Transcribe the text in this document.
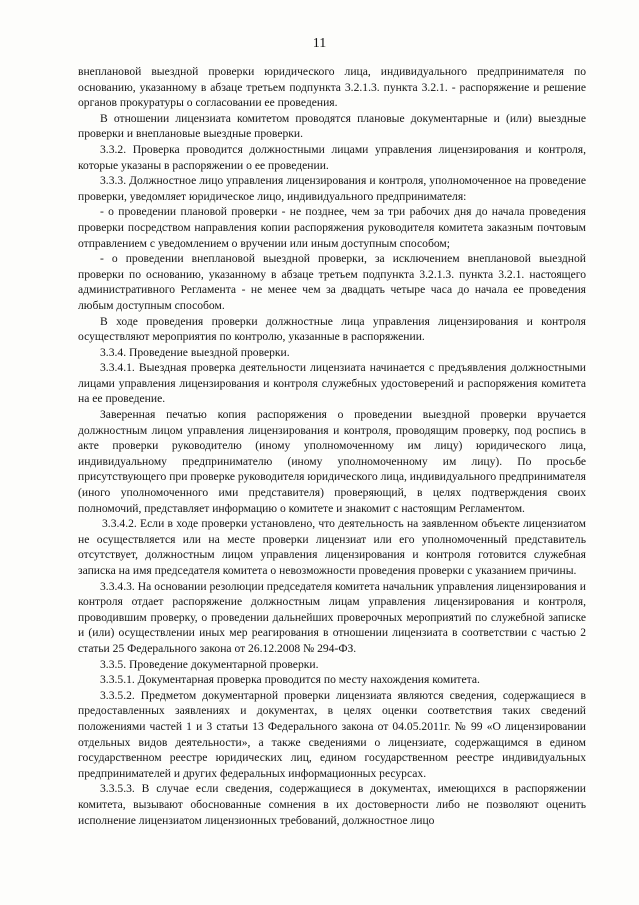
11

внеплановой выездной проверки юридического лица, индивидуального предпринимателя по основанию, указанному в абзаце третьем подпункта 3.2.1.3. пункта 3.2.1. - распоряжение и решение органов прокуратуры о согласовании ее проведения.

В отношении лицензиата комитетом проводятся плановые документарные и (или) выездные проверки и внеплановые выездные проверки.

3.3.2. Проверка проводится должностными лицами управления лицензирования и контроля, которые указаны в распоряжении о ее проведении.

3.3.3. Должностное лицо управления лицензирования и контроля, уполномоченное на проведение проверки, уведомляет юридическое лицо, индивидуального предпринимателя:

- о проведении плановой проверки - не позднее, чем за три рабочих дня до начала проведения проверки посредством направления копии распоряжения руководителя комитета заказным почтовым отправлением с уведомлением о вручении или иным доступным способом;

- о проведении внеплановой выездной проверки, за исключением внеплановой выездной проверки по основанию, указанному в абзаце третьем подпункта 3.2.1.3. пункта 3.2.1. настоящего административного Регламента - не менее чем за двадцать четыре часа до начала ее проведения любым доступным способом.

В ходе проведения проверки должностные лица управления лицензирования и контроля осуществляют мероприятия по контролю, указанные в распоряжении.

3.3.4. Проведение выездной проверки.

3.3.4.1. Выездная проверка деятельности лицензиата начинается с предъявления должностными лицами управления лицензирования и контроля служебных удостоверений и распоряжения комитета на ее проведение.

Заверенная печатью копия распоряжения о проведении выездной проверки вручается должностным лицом управления лицензирования и контроля, проводящим проверку, под роспись в акте проверки руководителю (иному уполномоченному им лицу) юридического лица, индивидуальному предпринимателю (иному уполномоченному им лицу). По просьбе присутствующего при проверке руководителя юридического лица, индивидуального предпринимателя (иного уполномоченного ими представителя) проверяющий, в целях подтверждения своих полномочий, представляет информацию о комитете и знакомит с настоящим Регламентом.

3.3.4.2. Если в ходе проверки установлено, что деятельность на заявленном объекте лицензиатом не осуществляется или на месте проверки лицензиат или его уполномоченный представитель отсутствует, должностным лицом управления лицензирования и контроля готовится служебная записка на имя председателя комитета о невозможности проведения проверки с указанием причины.

3.3.4.3. На основании резолюции председателя комитета начальник управления лицензирования и контроля отдает распоряжение должностным лицам управления лицензирования и контроля, проводившим проверку, о проведении дальнейших проверочных мероприятий по служебной записке и (или) осуществлении иных мер реагирования в отношении лицензиата в соответствии с частью 2 статьи 25 Федерального закона от 26.12.2008 № 294-ФЗ.

3.3.5. Проведение документарной проверки.

3.3.5.1. Документарная проверка проводится по месту нахождения комитета.

3.3.5.2. Предметом документарной проверки лицензиата являются сведения, содержащиеся в предоставленных заявлениях и документах, в целях оценки соответствия таких сведений положениями частей 1 и 3 статьи 13 Федерального закона от 04.05.2011г. № 99 «О лицензировании отдельных видов деятельности», а также сведениями о лицензиате, содержащимся в едином государственном реестре юридических лиц, едином государственном реестре индивидуальных предпринимателей и других федеральных информационных ресурсах.

3.3.5.3. В случае если сведения, содержащиеся в документах, имеющихся в распоряжении комитета, вызывают обоснованные сомнения в их достоверности либо не позволяют оценить исполнение лицензиатом лицензионных требований, должностное лицо
